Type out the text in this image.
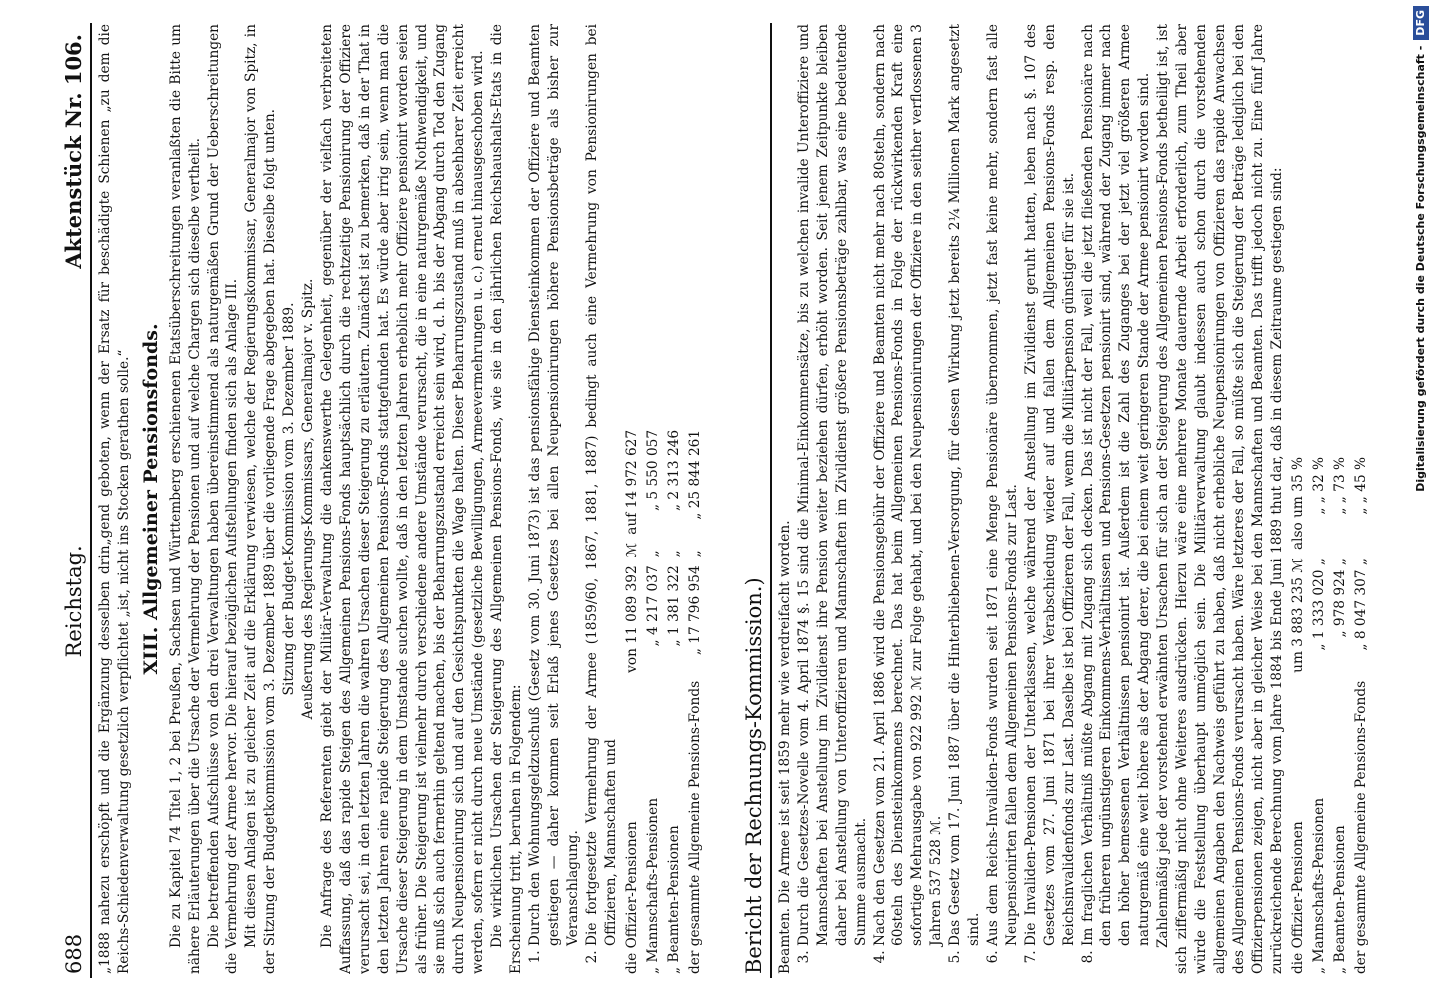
688
Reichstag.
Aktenstück Nr. 106. „1888 nahezu erschöpft und die Ergänzung desselben drin„gend geboten, wenn der Ersatz für beschädigte Schienen „zu dem die Reichs-Schiedenverwaltung gesetzlich verpflichtet „ist, nicht ins Stocken gerathen solle.“ XIII. Allgemeiner Pensionsfonds. Die zu Kapitel 74 Titel 1, 2 bei Preußen, Sachsen und Württemberg erschienenen Etatsüberschreitungen veranlaßten die Bitte um nähere Erläuterungen über die Ursache der Vermehrung der Pensionen und auf welche Chargen sich dieselbe vertheilt. Die betreffenden Aufschlüsse von den drei Verwaltungen haben übereinstimmend als naturgemäßen Grund der Ueberschreitungen die Vermehrung der Armee hervor. Die hierauf bezüglichen Aufstellungen finden sich als Anlage III. Mit diesen Anlagen ist zu gleicher Zeit auf die Erklärung verwiesen, welche der Regierungskommissar, Generalmajor von Spitz, in der Sitzung der Budgetkommission vom 3. Dezember 1889 über die vorliegende Frage abgegeben hat. Dieselbe folgt unten. Sitzung der Budget-Kommission vom 3. Dezember 1889. Aeußerung des Regierungs-Kommissars, Generalmajor v. Spitz. Die Anfrage des Referenten giebt der Militär-Verwaltung die dankenswerthe Gelegenheit, gegenüber der vielfach verbreiteten Auffassung, daß das rapide Steigen des Allgemeinen Pensions-Fonds hauptsächlich durch die rechtzeitige Pensionirung der Offiziere verursacht sei, in den letzten Jahren die wahren Ursachen dieser Steigerung zu erläutern. Zunächst ist zu bemerken, daß in der That in den letzten Jahren eine rapide Steigerung des Allgemeinen Pensions-Fonds stattgefunden hat. Es würde aber irrig sein, wenn man die Ursache dieser Steigerung in dem Umstande suchen wollte, daß in den letzten Jahren erheblich mehr Offiziere pensionirt worden seien als früher. Die Steigerung ist vielmehr durch verschiedene andere Umstände verursacht, die in eine naturgemäße Nothwendigkeit, und sie muß sich auch fernerhin geltend machen, bis der Beharrungszustand erreicht sein wird, d. h. bis der Abgang durch Tod den Zugang durch Neupensionirung sich und auf den Gesichtspunkten die Wage halten. Dieser Beharrungszustand muß in absehbarer Zeit erreicht werden, sofern er nicht durch neue Umstände (gesetzliche Bewilligungen, Armeevermehrungen u. c.) erneut hinausgeschoben wird. Die wirklichen Ursachen der Steigerung des Allgemeinen Pensions-Fonds, wie sie in den jährlichen Reichshaushalts-Etats in die Erscheinung tritt, beruhen in Folgendem: 1. Durch den Wohnungsgeldzuschuß (Gesetz vom 30. Juni 1873) ist das pensionsfähige Diensteinkommen der Offiziere und Beamten gestiegen — daher kommen seit Erlaß jenes Gesetzes bei allen Neupensionirungen höhere Pensionsbeträge als bisher zur Veranschlagung. 2. Die fortgesetzte Vermehrung der Armee (1859/60, 1867, 1881, 1887) bedingt auch eine Vermehrung von Pensionirungen bei Offizieren, Mannschaften und die Offizier-Pensionen	von 11 089 392	ℳ	auf 14 972 627
„ Mannschafts-Pensionen	„ 4 217 037	„	„ 5 550 057
„ Beamten-Pensionen	„ 1 381 322	„	„ 2 313 246
der gesammte Allgemeine Pensions-Fonds	„ 17 796 954	„	„ 25 844 261
Bericht der Rechnungs-Kommission.) Beamten. Die Armee ist seit 1859 mehr wie verdreifacht worden. 3. Durch die Gesetzes-Novelle vom 4. April 1874 §. 15 sind die Minimal-Einkommensätze, bis zu welchen invalide Unteroffiziere und Mannschaften bei Anstellung im Zivildienst ihre Pension weiter beziehen dürfen, erhöht worden. Seit jenem Zeitpunkte bleiben daher bei Anstellung von Unteroffizieren und Mannschaften im Zivildienst größere Pensionsbeträge zahlbar, was eine bedeutende Summe ausmacht. 4. Nach den Gesetzen vom 21. April 1886 wird die Pensionsgebühr der Offiziere und Beamten nicht mehr nach 80steln, sondern nach 60steln des Diensteinkommens berechnet. Das hat beim Allgemeinen Pensions-Fonds in Folge der rückwirkenden Kraft eine sofortige Mehrausgabe von 922 992 ℳ zur Folge gehabt, und bei den Neupensionirungen der Offiziere in den seither verflossenen 3 Jahren 537 528 ℳ. 5. Das Gesetz vom 17. Juni 1887 über die Hinterbliebenen-Versorgung, für dessen Wirkung jetzt bereits 2¼ Millionen Mark angesetzt sind. 6. Aus dem Reichs-Invaliden-Fonds wurden seit 1871 eine Menge Pensionäre übernommen, jetzt fast keine mehr, sondern fast alle Neupensionirten fallen dem Allgemeinen Pensions-Fonds zur Last. 7. Die Invaliden-Pensionen der Unterklassen, welche während der Anstellung im Zivildienst geruht hatten, leben nach §. 107 des Gesetzes vom 27. Juni 1871 bei ihrer Verabschiedung wieder auf und fallen dem Allgemeinen Pensions-Fonds resp. den Reichsinvalidenfonds zur Last. Daselbe ist bei Offizieren der Fall, wenn die Militärpension günstiger für sie ist. 8. Im fraglichen Verhältniß müßte Abgang mit Zugang sich decken. Das ist nicht der Fall, weil die jetzt fließenden Pensionäre nach den früheren ungünstigeren Einkommens-Verhältnissen und Pensions-Gesetzen pensionirt sind, während der Zugang immer nach den höher bemessenen Verhältnissen pensionirt ist. Außerdem ist die Zahl des Zuganges bei der jetzt viel größeren Armee naturgemäß eine weit höhere als der Abgang derer, die bei einem weit geringeren Stande der Armee pensionirt worden sind. Zahlenmäßig jede der vorstehend erwähnten Ursachen für sich an der Steigerung des Allgemeinen Pensions-Fonds betheiligt ist, ist sich ziffermäßig nicht ohne Weiteres ausdrücken. Hierzu wäre eine mehrere Monate dauernde Arbeit erforderlich, zum Theil aber würde die Feststellung überhaupt unmöglich sein. Die Militärverwaltung glaubt indessen auch schon durch die vorstehenden allgemeinen Angaben den Nachweis geführt zu haben, daß nicht erhebliche Neupensionirungen von Offizieren das rapide Anwachsen des Allgemeinen Pensions-Fonds verursacht haben. Wäre letzteres der Fall, so müßte sich die Steigerung der Beträge lediglich bei den Offizierpensionen zeigen, nicht aber in gleicher Weise bei den Mannschaften und Beamten. Das trifft jedoch nicht zu. Eine fünf Jahre zurückreichende Berechnung vom Jahre 1884 bis Ende Juni 1889 thut dar, daß in diesem Zeitraume gestiegen sind: die Offizier-Pensionen	um 3 883 235 ℳ	also um 35 %
„ Mannschafts-Pensionen	„ 1 333 020 „	„ „ 32 %
„ Beamten-Pensionen	„ 978 924 „	„ „ 73 %
der gesammte Allgemeine Pensions-Fonds	„ 8 047 307 „	„ „ 45 %	Digitalisierung gefördert durch die Deutsche Forschungsgemeinschaft -
DFG
